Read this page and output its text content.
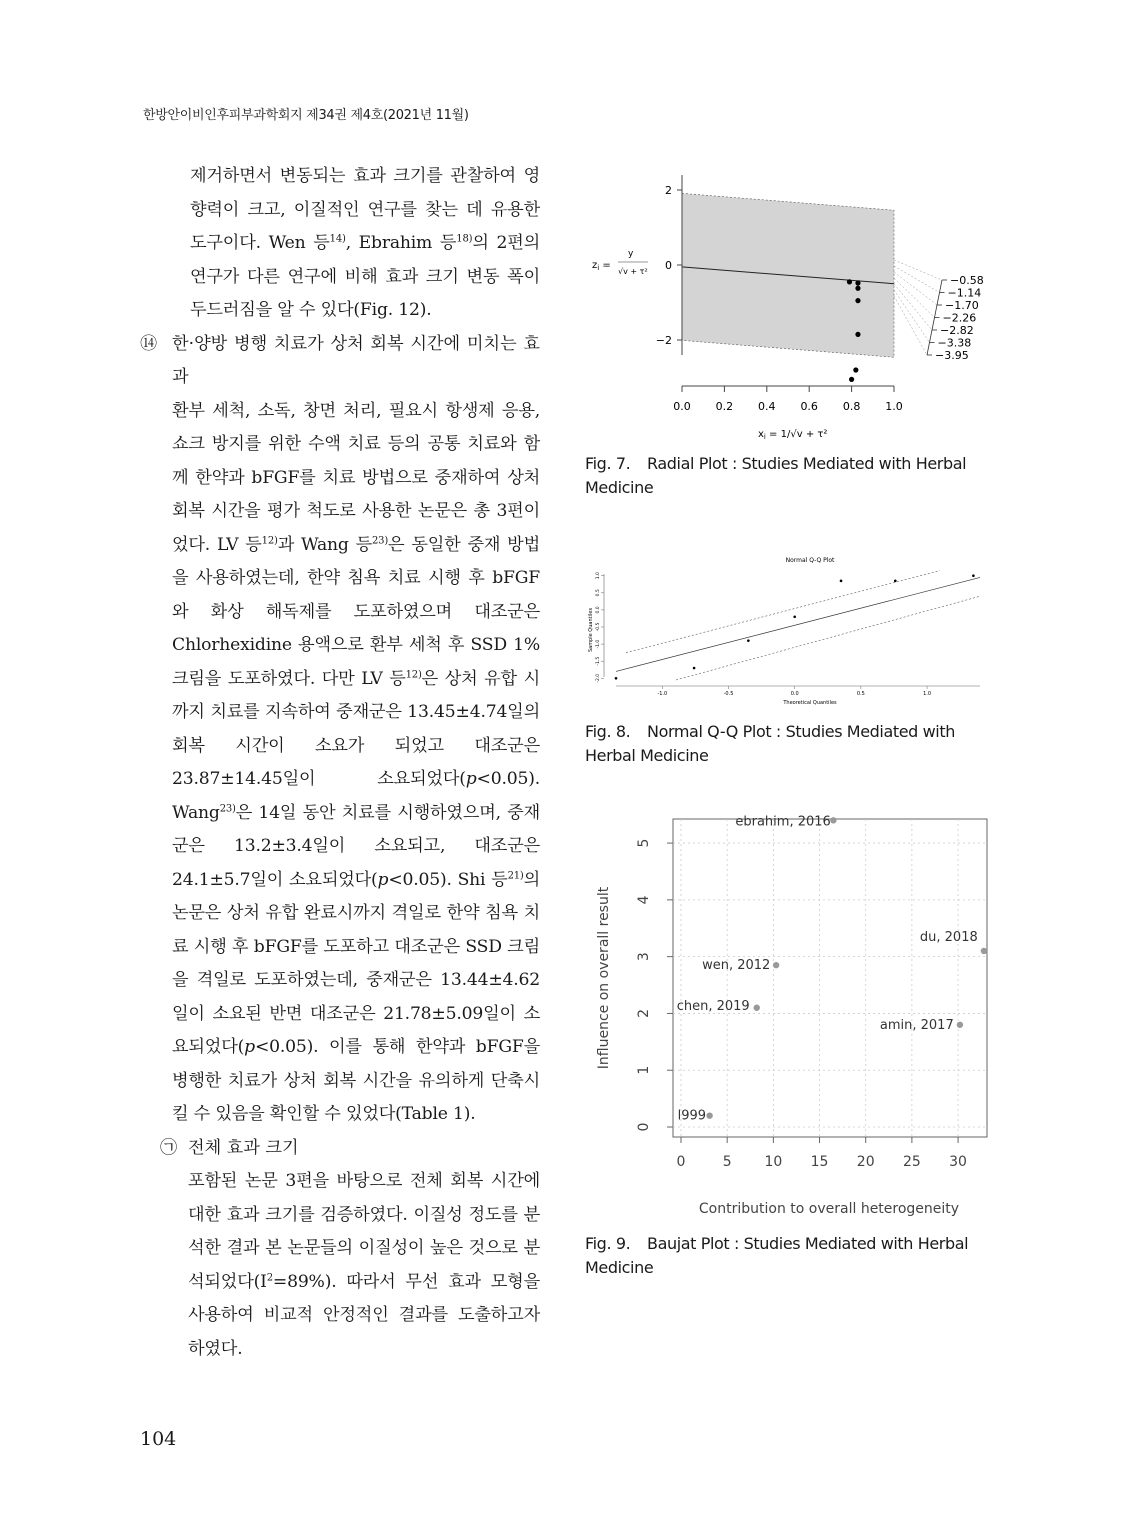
한방안이비인후피부과학회지 제34권 제4호(2021년 11월)

제거하면서 변동되는 효과 크기를 관찰하여 영향력이 크고, 이질적인 연구를 찾는 데 유용한 도구이다. Wen 등$^{14)}$, Ebrahim 등$^{18)}$의 2편의 연구가 다른 연구에 비해 효과 크기 변동 폭이 두드러짐을 알 수 있다(Fig. 12).

⑭ 한·양방 병행 치료가 상처 회복 시간에 미치는 효과

환부 세척, 소독, 창면 처리, 필요시 항생제 응용, 쇼크 방지를 위한 수액 치료 등의 공통 치료와 함께 한약과 bFGF를 치료 방법으로 중재하여 상처 회복 시간을 평가 척도로 사용한 논문은 총 3편이었다. LV 등$^{12)}$과 Wang 등$^{23)}$은 동일한 중재 방법을 사용하였는데, 한약 침욕 치료 시행 후 bFGF와 화상 해독제를 도포하였으며 대조군은 Chlorhexidine 용액으로 환부 세척 후 SSD 1% 크림을 도포하였다. 다만 LV 등$^{12)}$은 상처 유합 시까지 치료를 지속하여 중재군은 13.45±4.74일의 회복 시간이 소요가 되었고 대조군은 23.87±14.45일이 소요되었다(p<0.05). Wang$^{23)}$은 14일 동안 치료를 시행하였으며, 중재군은 13.2±3.4일이 소요되고, 대조군은 24.1±5.7일이 소요되었다(p<0.05). Shi 등$^{21)}$의 논문은 상처 유합 완료시까지 격일로 한약 침욕 치료 시행 후 bFGF를 도포하고 대조군은 SSD 크림을 격일로 도포하였는데, 중재군은 13.44±4.62일이 소요된 반면 대조군은 21.78±5.09일이 소요되었다(p<0.05). 이를 통해 한약과 bFGF을 병행한 치료가 상처 회복 시간을 유의하게 단축시킬 수 있음을 확인할 수 있었다(Table 1).

㉠ 전체 효과 크기

포함된 논문 3편을 바탕으로 전체 회복 시간에 대한 효과 크기를 검증하였다. 이질성 정도를 분석한 결과 본 논문들의 이질성이 높은 것으로 분석되었다$(I^2=89\%)$. 따라서 무선 효과 모형을 사용하여 비교적 안정적인 결과를 도출하고자 하였다.

104
2
0
−2
0.0 0.2 0.4 0.6 0.8 1.0
−0.58
−1.14
−1.70
−2.26
−2.82
−3.38
−3.95
$z_i$ =
y
√v + τ²
$x_i = 1/√v + \tau^2$
Fig. 7. Radial Plot : Studies Mediated with Herbal Medicine
Normal Q-Q Plot
Theoretical Quantiles
Sample Quantiles
-2.0
-1.5
-1.0
-0.5
0.0
0.5
1.0
-1.0	-0.5	0.0	0.5	1.0
Fig. 8. Normal Q-Q Plot : Studies Mediated with Herbal Medicine
0
1
2
3
4
5
0	5 10 15 20 25 30
ebrahim, 2016
du, 2018
wen, 2012
chen, 2019
amin, 2017
l999
Influence on overall result
Contribution to overall heterogeneity
Fig. 9. Baujat Plot : Studies Mediated with Herbal Medicine
